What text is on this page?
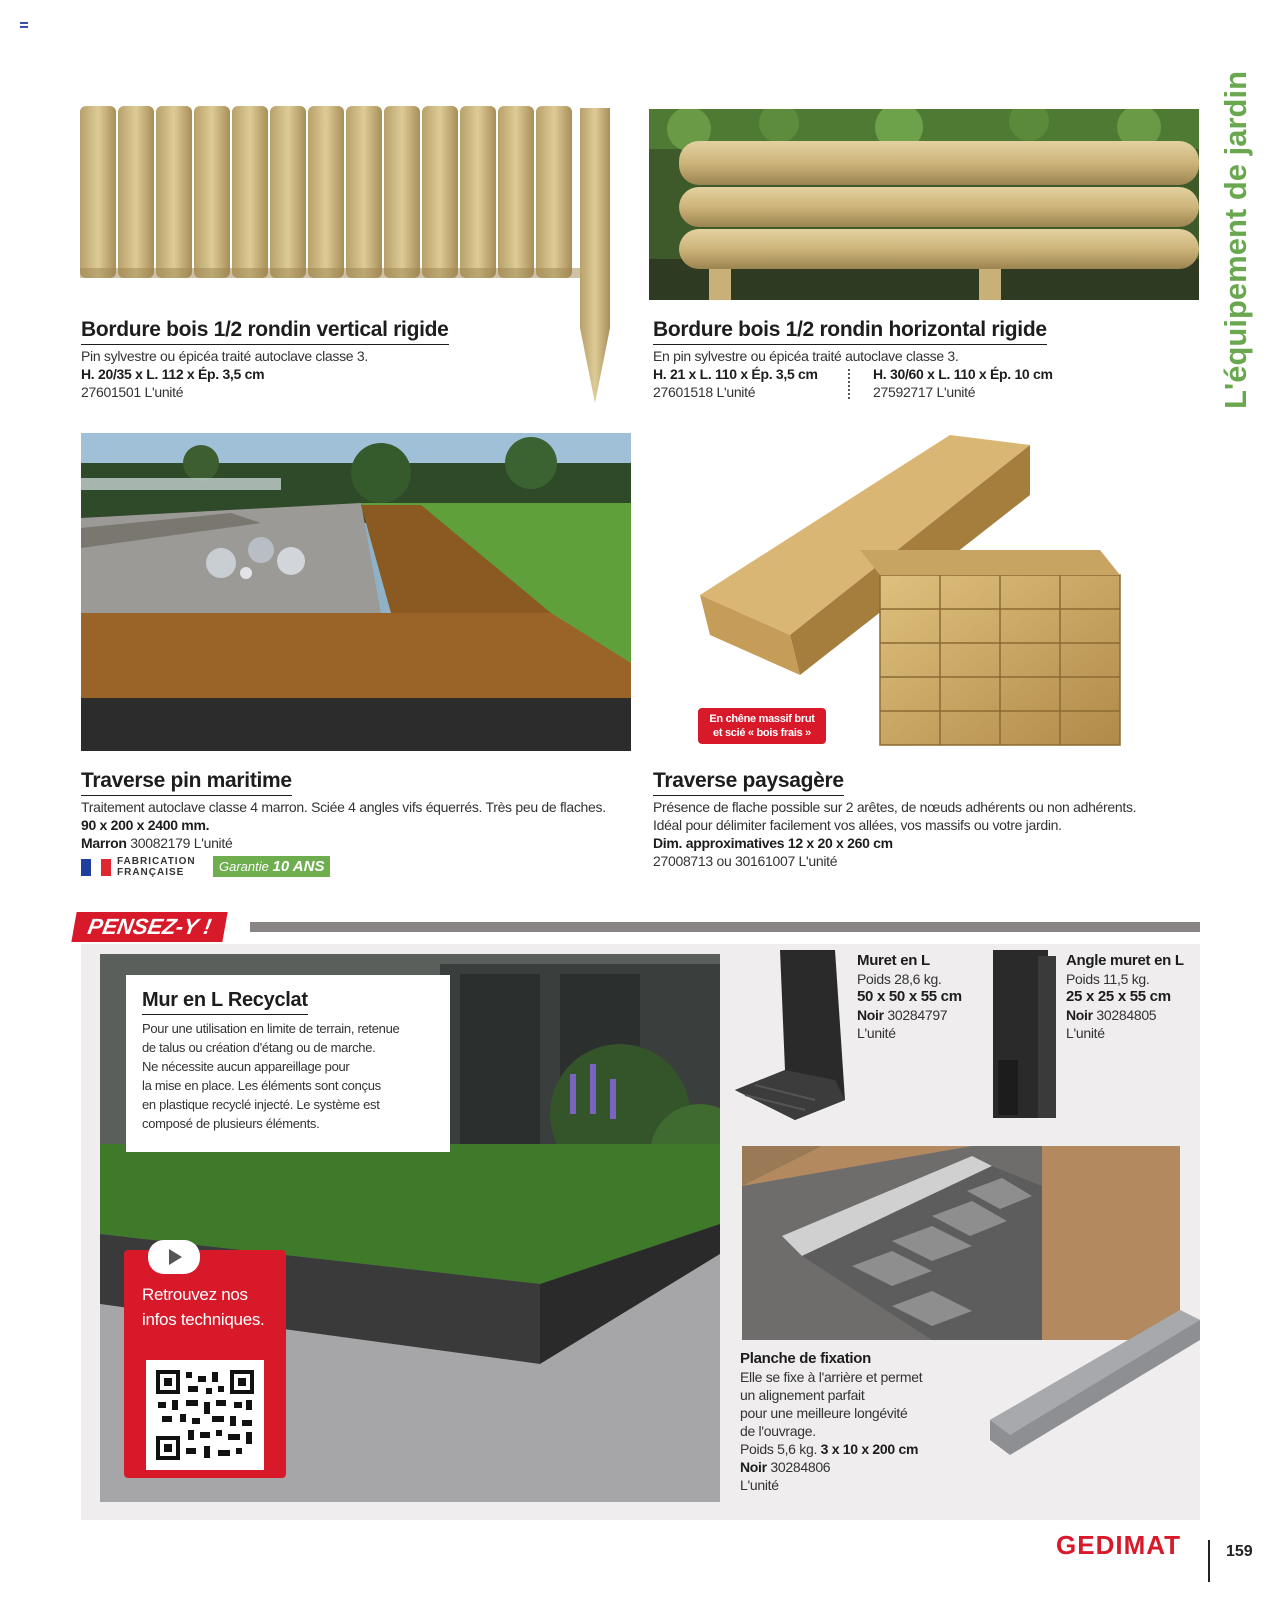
L'équipement de jardin
Bordure bois 1/2 rondin vertical rigide
Pin sylvestre ou épicéa traité autoclave classe 3.
H. 20/35 x L. 112 x Ép. 3,5 cm
27601501 L'unité
Bordure bois 1/2 rondin horizontal rigide
En pin sylvestre ou épicéa traité autoclave classe 3.
H. 21 x L. 110 x Ép. 3,5 cm
27601518 L'unité
H. 30/60 x L. 110 x Ép. 10 cm
27592717 L'unité
En chêne massif brut
et scié « bois frais »
Traverse pin maritime
Traitement autoclave classe 4 marron. Sciée 4 angles vifs équerrés. Très peu de flaches.
90 x 200 x 2400 mm.
Marron 30082179 L'unité
FABRICATION
FRANÇAISE	Garantie 10 ANS
Traverse paysagère
Présence de flache possible sur 2 arêtes, de nœuds adhérents ou non adhérents.
Idéal pour délimiter facilement vos allées, vos massifs ou votre jardin.
Dim. approximatives 12 x 20 x 260 cm
27008713 ou 30161007 L'unité
PENSEZ-Y !
Mur en L Recyclat
Pour une utilisation en limite de terrain, retenue
de talus ou création d'étang ou de marche.
Ne nécessite aucun appareillage pour
la mise en place. Les éléments sont conçus
en plastique recyclé injecté. Le système est
composé de plusieurs éléments.
Retrouvez nos
infos techniques.
Muret en L
Poids 28,6 kg.
50 x 50 x 55 cm
Noir 30284797
L'unité
Angle muret en L
Poids 11,5 kg.
25 x 25 x 55 cm
Noir 30284805
L'unité
Planche de fixation
Elle se fixe à l'arrière et permet
un alignement parfait
pour une meilleure longévité
de l'ouvrage.
Poids 5,6 kg. 3 x 10 x 200 cm
Noir 30284806
L'unité
GEDIMAT	159
